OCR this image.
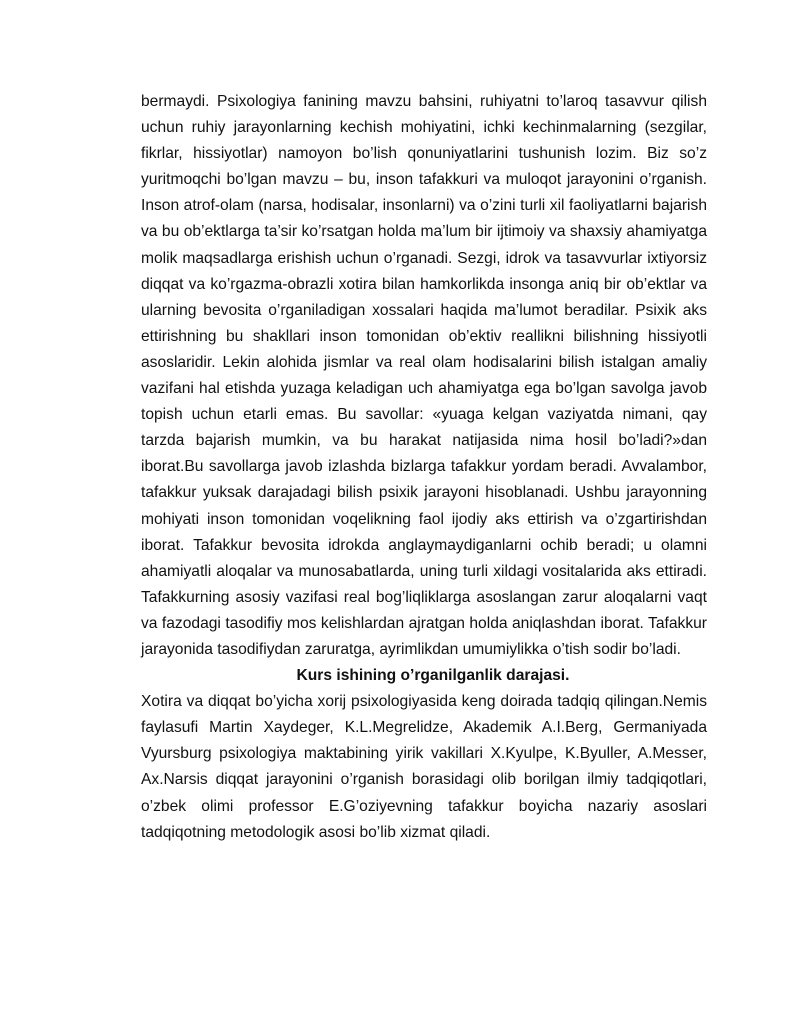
bermaydi. Psixologiya fanining mavzu bahsini, ruhiyatni to’laroq tasavvur qilish uchun ruhiy jarayonlarning kechish mohiyatini, ichki kechinmalarning (sezgilar, fikrlar, hissiyotlar) namoyon bo’lish qonuniyatlarini tushunish lozim. Biz so’z yuritmoqchi bo’lgan mavzu – bu, inson tafakkuri va muloqot jarayonini o’rganish. Inson atrof-olam (narsa, hodisalar, insonlarni) va o’zini turli xil faoliyatlarni bajarish va bu ob’ektlarga ta’sir ko’rsatgan holda ma’lum bir ijtimoiy va shaxsiy ahamiyatga molik maqsadlarga erishish uchun o’rganadi. Sezgi, idrok va tasavvurlar ixtiyorsiz diqqat va ko’rgazma-obrazli xotira bilan hamkorlikda insonga aniq bir ob’ektlar va ularning bevosita o’rganiladigan xossalari haqida ma’lumot beradilar. Psixik aks ettirishning bu shakllari inson tomonidan ob’ektiv reallikni bilishning hissiyotli asoslaridir. Lekin alohida jismlar va real olam hodisalarini bilish istalgan amaliy vazifani hal etishda yuzaga keladigan uch ahamiyatga ega bo’lgan savolga javob topish uchun etarli emas. Bu savollar: «yuaga kelgan vaziyatda nimani, qay tarzda bajarish mumkin, va bu harakat natijasida nima hosil bo’ladi?»dan iborat.Bu savollarga javob izlashda bizlarga tafakkur yordam beradi. Avvalambor, tafakkur yuksak darajadagi bilish psixik jarayoni hisoblanadi. Ushbu jarayonning mohiyati inson tomonidan voqelikning faol ijodiy aks ettirish va o’zgartirishdan iborat. Tafakkur bevosita idrokda anglaymaydiganlarni ochib beradi; u olamni ahamiyatli aloqalar va munosabatlarda, uning turli xildagi vositalarida aks ettiradi. Tafakkurning asosiy vazifasi real bog’liqliklarga asoslangan zarur aloqalarni vaqt va fazodagi tasodifiy mos kelishlardan ajratgan holda aniqlashdan iborat. Tafakkur jarayonida tasodifiydan zaruratga, ayrimlikdan umumiylikka o’tish sodir bo’ladi.

Kurs ishining o’rganilganlik darajasi.

Xotira va diqqat bo’yicha xorij psixologiyasida keng doirada tadqiq qilingan.Nemis faylasufi Martin Xaydeger, K.L.Megrelidze, Akademik A.I.Berg, Germaniyada Vyursburg psixologiya maktabining yirik vakillari X.Kyulpe, K.Byuller, A.Messer, Ax.Narsis diqqat jarayonini o’rganish borasidagi olib borilgan ilmiy tadqiqotlari, o’zbek olimi professor E.G’oziyevning tafakkur boyicha nazariy asoslari tadqiqotning metodologik asosi bo’lib xizmat qiladi.
